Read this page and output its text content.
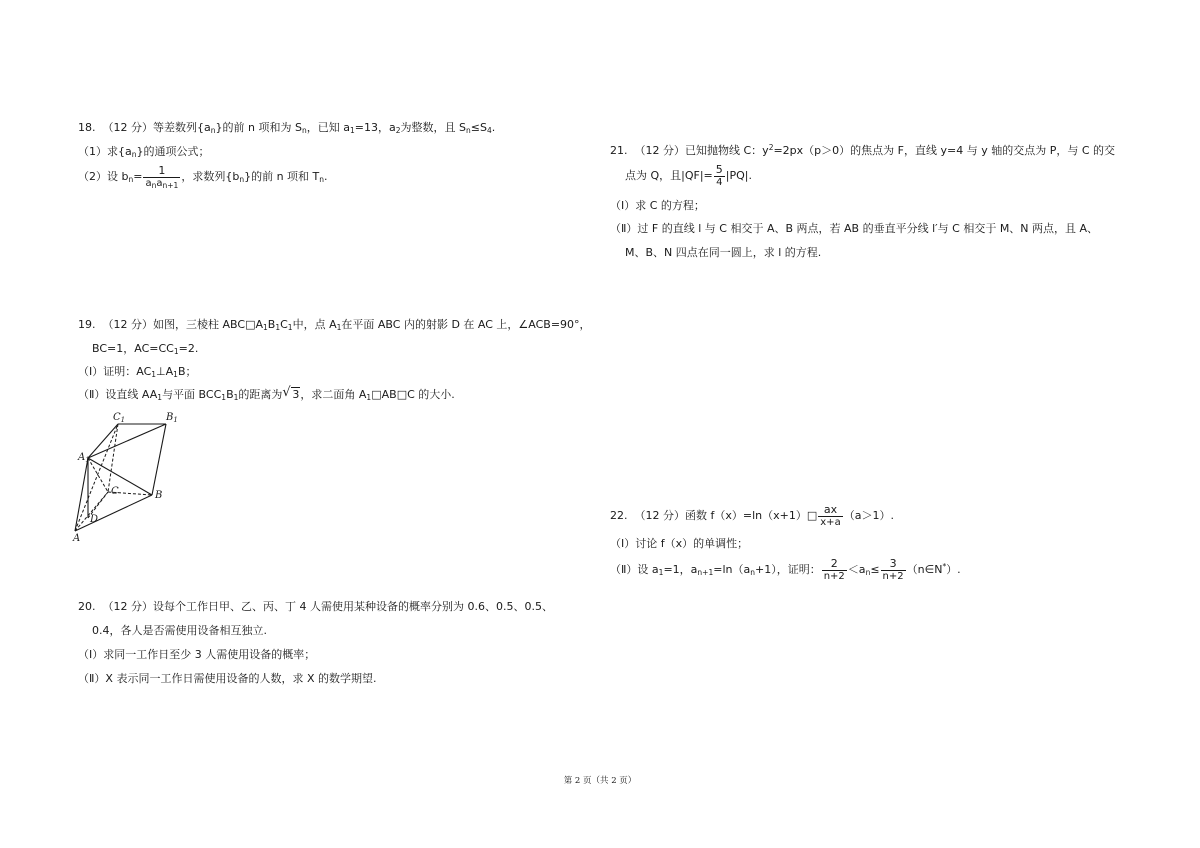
18. （12 分）等差数列$\{a_n\}$的前 n 项和为 $S_n$，已知 $a_1=13$，$a_2$为整数，且 $S_n\le S_4$.
（1）求$\{a_n\}$的通项公式；
（2）设 $b_n= \frac{1}{a_na_{n+1}}$ ，求数列$\{b_n\}$的前 n 项和 $T_n$.
19. （12 分）如图，三棱柱 $ABC□A_1B_1C_1$中，点 $A_1$在平面 ABC 内的射影 D 在 AC 上，∠ACB=90°，
BC=1，$AC=CC_1=2$.
（Ⅰ）证明：$AC_1\perp A_1B$；
（Ⅱ）设直线 $AA_1$与平面 $BCC_1B_1$的距离为√ 3，求二面角 $A_1□AB□C$ 的大小.
$C_1$	$B_1$
$A_1$
C	B
D
A
20. （12 分）设每个工作日甲、乙、丙、丁 4 人需使用某种设备的概率分别为 0.6、0.5、0.5、
0.4，各人是否需使用设备相互独立.
（Ⅰ）求同一工作日至少 3 人需使用设备的概率；
（Ⅱ）X 表示同一工作日需使用设备的人数，求 X 的数学期望.
21. （12 分）已知抛物线 C：$y^2=2px(p>0)$的焦点为 F，直线 y=4 与 y 轴的交点为 P，与 C 的交
点为 Q，且$|QF|= \frac{5}{4} |PQ|$.
（Ⅰ）求 C 的方程；
（Ⅱ）过 F 的直线 l 与 C 相交于 A、B 两点，若 AB 的垂直平分线 l′与 C 相交于 M、N 两点，且 A、
M、B、N 四点在同一圆上，求 l 的方程.
22. （12 分）函数 f（x）=ln（x+1）□ $\frac{ax}{x+a} (a>1)$.
（Ⅰ）讨论 f（x）的单调性；
（Ⅱ）设 $a_1=1$，$a_{n+1}=\ln(a_n+1)$，证明： $\frac{2}{n+2} <a_n\le \frac{3}{n+2}$ （n∈N*）.
第 2 页（共 2 页）
